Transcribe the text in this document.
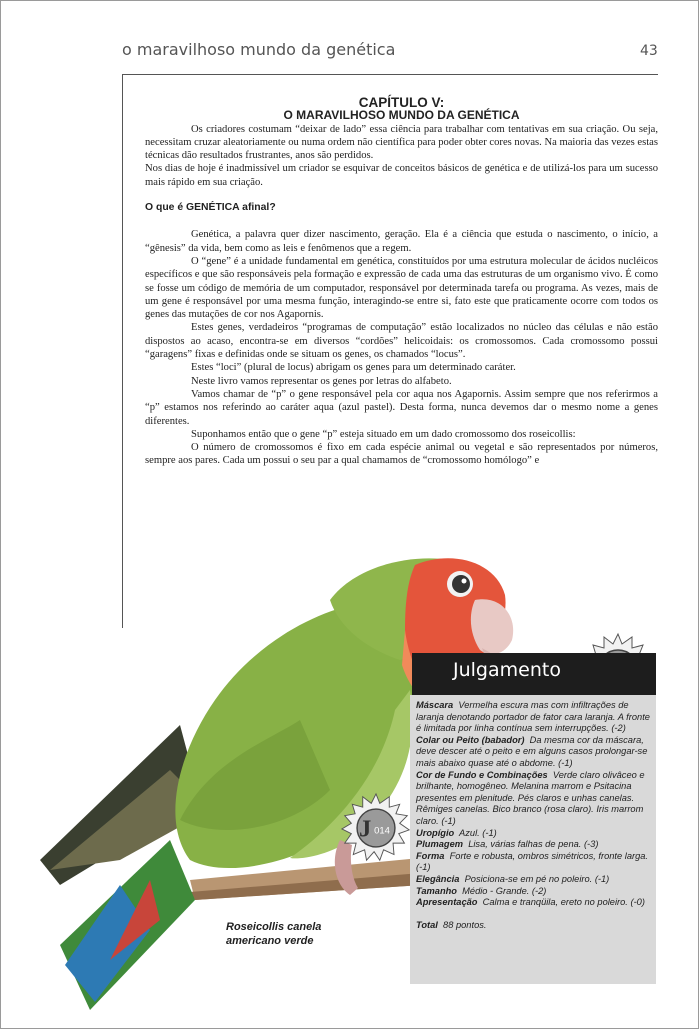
o maravilhoso mundo da genética	43

CAPÍTULO V:

O MARAVILHOSO MUNDO DA GENÉTICA

Os criadores costumam “deixar de lado” essa ciência para trabalhar com tentativas em sua criação. Ou seja, necessitam cruzar aleatoriamente ou numa ordem não científica para poder obter cores novas. Na maioria das vezes estas técnicas dão resultados frustrantes, anos são perdidos.

Nos dias de hoje é inadmissível um criador se esquivar de conceitos básicos de genética e de utilizá-los para um sucesso mais rápido em sua criação.

O que é GENÉTICA afinal?

Genética, a palavra quer dizer nascimento, geração. Ela é a ciência que estuda o nascimento, o início, a “gênesis” da vida, bem como as leis e fenômenos que a regem.

O “gene” é a unidade fundamental em genética, constituídos por uma estrutura molecular de ácidos nucléicos específicos e que são responsáveis pela formação e expressão de cada uma das estruturas de um organismo vivo. É como se fosse um código de memória de um computador, responsável por determinada tarefa ou programa. As vezes, mais de um gene é responsável por uma mesma função, interagindo-se entre si, fato este que praticamente ocorre com todos os genes das mutações de cor nos Agapornis.

Estes genes, verdadeiros “programas de computação” estão localizados no núcleo das células e não estão dispostos ao acaso, encontra-se em diversos “cordões” helicoidais: os cromossomos. Cada cromossomo possui “garagens” fixas e definidas onde se situam os genes, os chamados “locus”.

Estes “loci” (plural de locus) abrigam os genes para um determinado caráter.

Neste livro vamos representar os genes por letras do alfabeto.

Vamos chamar de “p” o gene responsável pela cor aqua nos Agapornis. Assim sempre que nos referirmos a “p” estamos nos referindo ao caráter aqua (azul pastel). Desta forma, nunca devemos dar o mesmo nome a genes diferentes.

Suponhamos então que o gene “p” esteja situado em um dado cromossomo dos roseicollis:

O número de cromossomos é fixo em cada espécie animal ou vegetal e são representados por números, sempre aos pares. Cada um possui o seu par a qual chamamos de “cromossomo homólogo” e

J 014
Roseicollis canela
americano verde
Julgamento
Máscara Vermelha escura mas com infiltrações de laranja denotando portador de fator cara laranja. A fronte é limitada por linha contínua sem interrupções. (-2)
Colar ou Peito (babador) Da mesma cor da máscara, deve descer até o peito e em alguns casos prolongar-se mais abaixo quase até o abdome. (-1)
Cor de Fundo e Combinações Verde claro olivâceo e brilhante, homogêneo. Melanina marrom e Psitacina presentes em plenitude. Pés claros e unhas canelas. Rêmiges canelas. Bico branco (rosa claro). Iris marrom claro. (-1)
Uropígio Azul. (-1)
Plumagem Lisa, várias falhas de pena. (-3)
Forma Forte e robusta, ombros simétricos, fronte larga. (-1)
Elegância Posiciona-se em pé no poleiro. (-1)
Tamanho Médio - Grande. (-2)
Apresentação Calma e tranqüila, ereto no poleiro. (-0)
Total 88 pontos.
